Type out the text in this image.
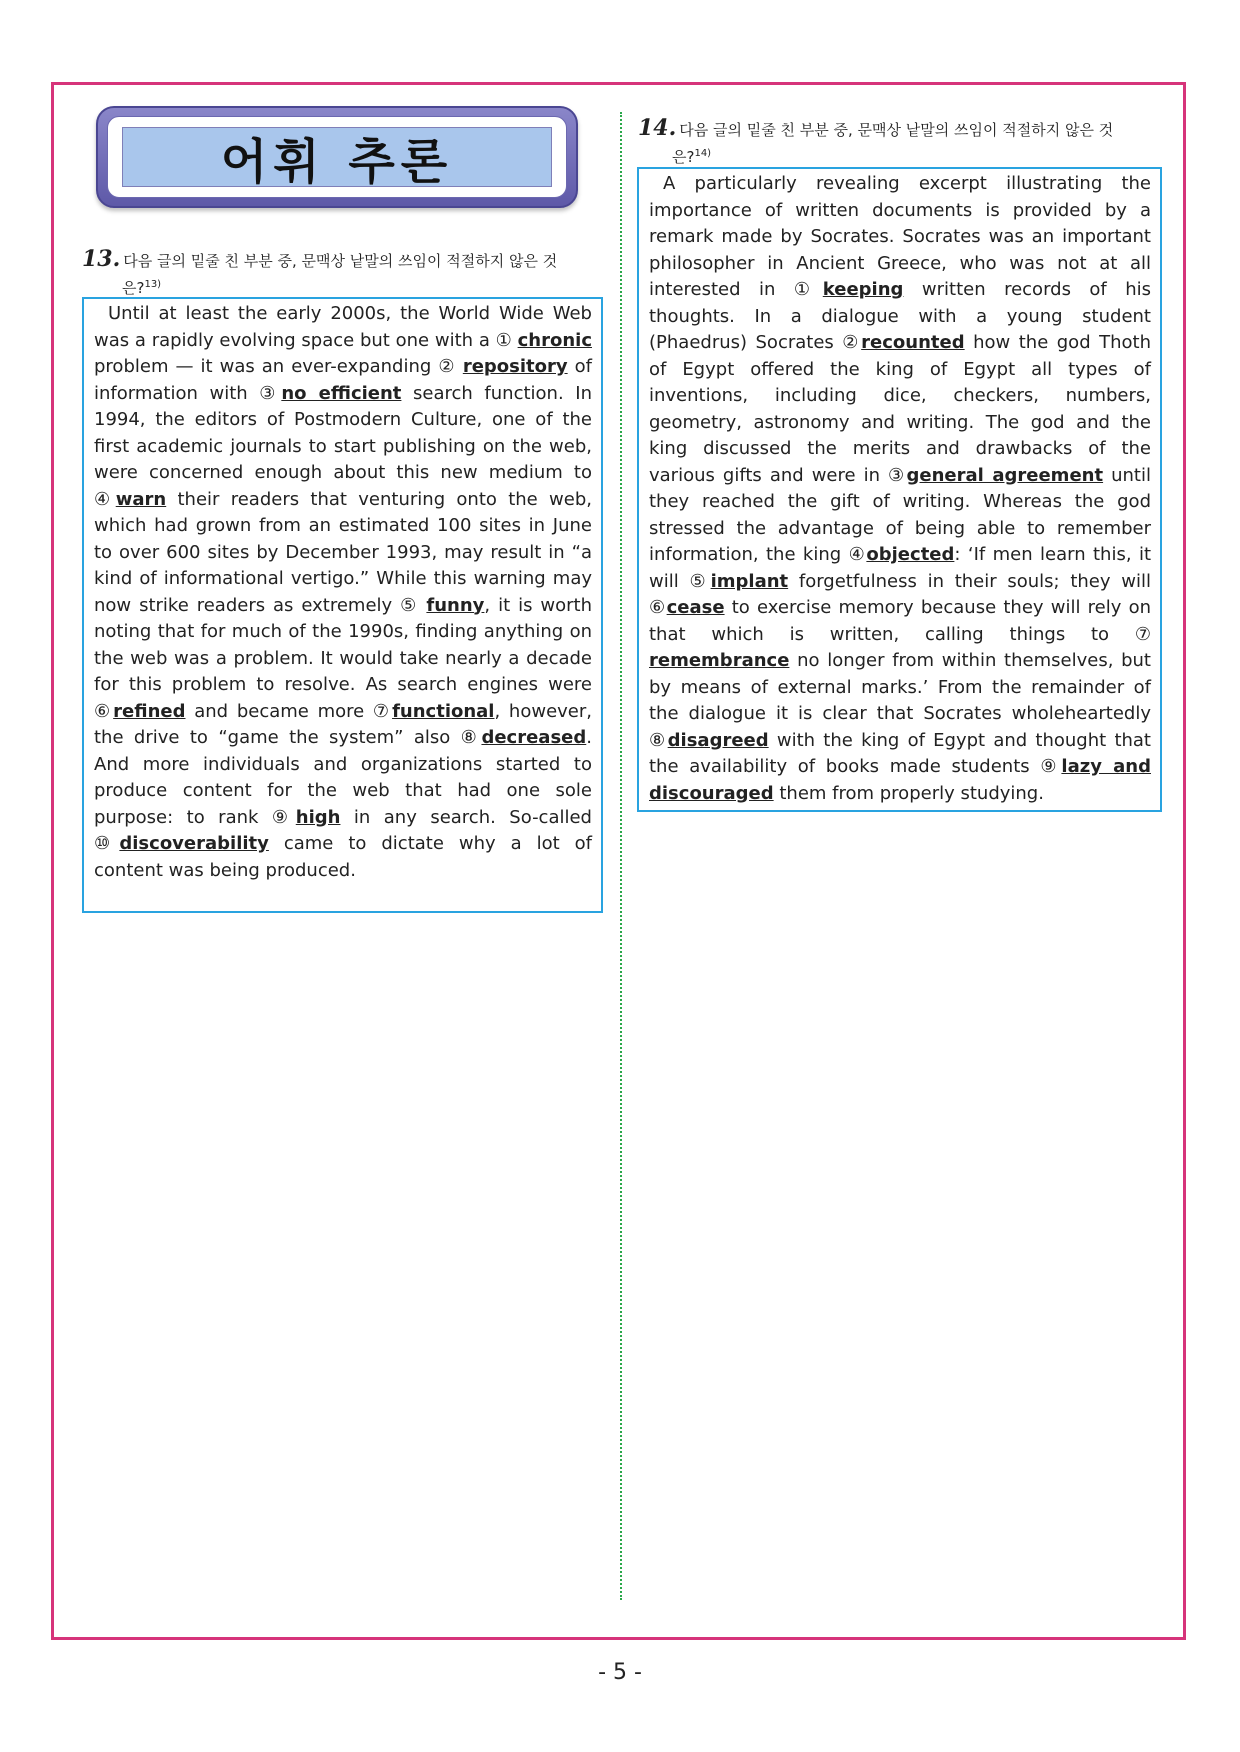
어휘 추론
13. 다음 글의 밑줄 친 부분 중, 문맥상 낱말의 쓰임이 적절하지 않은 것
은?$^{13)}$

Until at least the early 2000s, the World Wide Web was a rapidly evolving space but one with a ① chronic problem — it was an ever-expanding ② repository of information with ③no efficient search function. In 1994, the editors of Postmodern Culture, one of the first academic journals to start publishing on the web, were concerned enough about this new medium to ④warn their readers that venturing onto the web, which had grown from an estimated 100 sites in June to over 600 sites by December 1993, may result in “a kind of informational vertigo.” While this warning may now strike readers as extremely ⑤ funny, it is worth noting that for much of the 1990s, finding anything on the web was a problem. It would take nearly a decade for this problem to resolve. As search engines were ⑥refined and became more ⑦functional, however, the drive to “game the system” also ⑧decreased. And more individuals and organizations started to produce content for the web that had one sole purpose: to rank ⑨high in any search. So-called ⑩discoverability came to dictate why a lot of content was being produced.

14. 다음 글의 밑줄 친 부분 중, 문맥상 낱말의 쓰임이 적절하지 않은 것
은?$^{14)}$

A particularly revealing excerpt illustrating the importance of written documents is provided by a remark made by Socrates. Socrates was an important philosopher in Ancient Greece, who was not at all interested in ①keeping written records of his thoughts. In a dialogue with a young student (Phaedrus) Socrates ②recounted how the god Thoth of Egypt offered the king of Egypt all types of inventions, including dice, checkers, numbers, geometry, astronomy and writing. The god and the king discussed the merits and drawbacks of the various gifts and were in ③general agreement until they reached the gift of writing. Whereas the god stressed the advantage of being able to remember information, the king ④objected: ‘If men learn this, it will ⑤implant forgetfulness in their souls; they will ⑥cease to exercise memory because they will rely on that which is written, calling things to ⑦ remembrance no longer from within themselves, but by means of external marks.’ From the remainder of the dialogue it is clear that Socrates wholeheartedly ⑧disagreed with the king of Egypt and thought that the availability of books made students ⑨lazy and discouraged them from properly studying.

- 5 -
